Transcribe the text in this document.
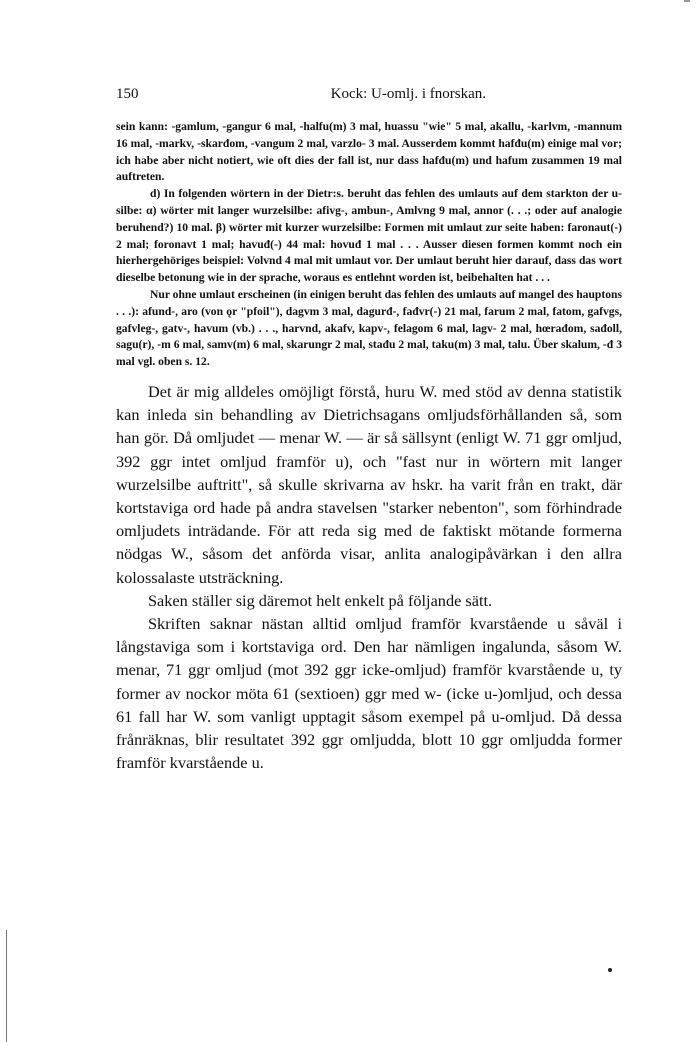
150	Kock: U-omlj. i fnorskan.

sein kann: -gamlum, -gangur 6 mal, -halfu(m) 3 mal, huassu "wie" 5 mal, akallu, -karlvm, -mannum 16 mal, -markv, -skarđom, -vangum 2 mal, varzlo- 3 mal. Ausserdem kommt hafđu(m) einige mal vor; ich habe aber nicht notiert, wie oft dies der fall ist, nur dass hafđu(m) und hafum zusammen 19 mal auftreten.

d) In folgenden wörtern in der Dietr:s. beruht das fehlen des umlauts auf dem starkton der u-silbe: α) wörter mit langer wurzelsilbe: afivg-, ambun-, Amlvng 9 mal, annor (. . .; oder auf analogie beruhend?) 10 mal. β) wörter mit kurzer wurzelsilbe: Formen mit umlaut zur seite haben: faronaut(-) 2 mal; foronavt 1 mal; havuđ(-) 44 mal: hovuđ 1 mal . . . Ausser diesen formen kommt noch ein hierhergehöriges beispiel: Volvnd 4 mal mit umlaut vor. Der umlaut beruht hier darauf, dass das wort dieselbe betonung wie in der sprache, woraus es entlehnt worden ist, beibehalten hat . . .

Nur ohne umlaut erscheinen (in einigen beruht das fehlen des umlauts auf mangel des hauptons . . .): afund-, aro (von ǫr "pfoil"), dagvm 3 mal, dagurđ-, fađvr(-) 21 mal, farum 2 mal, fatom, gafvgs, gafvleg-, gatv-, havum (vb.) . . ., harvnd, akafv, kapv-, felagom 6 mal, lagv- 2 mal, hœrađom, sađoll, sagu(r), -m 6 mal, samv(m) 6 mal, skarungr 2 mal, stađu 2 mal, taku(m) 3 mal, talu. Über skalum, -đ 3 mal vgl. oben s. 12.

Det är mig alldeles omöjligt förstå, huru W. med stöd av denna statistik kan inleda sin behandling av Dietrichsagans omljudsförhållanden så, som han gör. Då omljudet — menar W. — är så sällsynt (enligt W. 71 ggr omljud, 392 ggr intet omljud framför u), och "fast nur in wörtern mit langer wurzelsilbe auftritt", så skulle skrivarna av hskr. ha varit från en trakt, där kortstaviga ord hade på andra stavelsen "starker nebenton", som förhindrade omljudets inträdande. För att reda sig med de faktiskt mötande formerna nödgas W., såsom det anförda visar, anlita analogipåvärkan i den allra kolossalaste utsträckning.

Saken ställer sig däremot helt enkelt på följande sätt.

Skriften saknar nästan alltid omljud framför kvarstående u såväl i långstaviga som i kortstaviga ord. Den har nämligen ingalunda, såsom W. menar, 71 ggr omljud (mot 392 ggr icke-omljud) framför kvarstående u, ty former av nockor möta 61 (sextioen) ggr med w- (icke u-)omljud, och dessa 61 fall har W. som vanligt upptagit såsom exempel på u-omljud. Då dessa frånräknas, blir resultatet 392 ggr omljudda, blott 10 ggr omljudda former framför kvarstående u.
